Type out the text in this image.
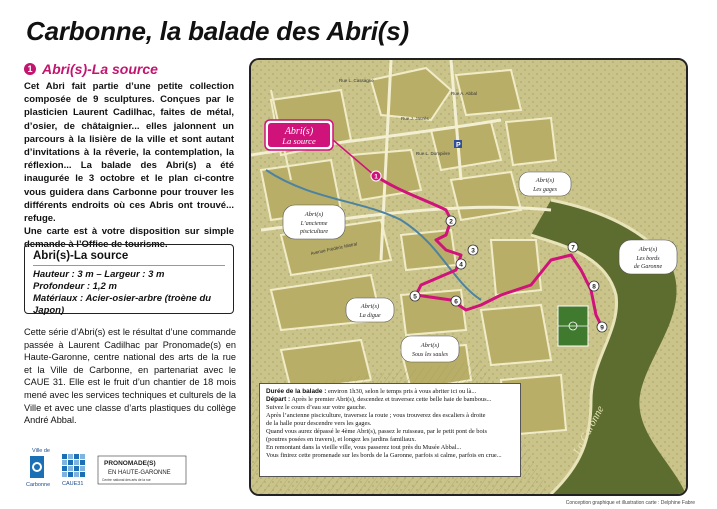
Carbonne, la balade des Abri(s)
1 Abri(s)-La source

Cet Abri fait partie d’une petite collection composée de 9 sculptures. Conçues par le plasticien Laurent Cadilhac, faites de métal, d’osier, de châtaignier... elles jalonnent un parcours à la lisière de la ville et sont autant d’invitations à la rêverie, la contemplation, la réflexion... La balade des Abri(s) a été inaugurée le 3 octobre et le plan ci-contre vous guidera dans Carbonne pour trouver les différents endroits où ces Abris ont trouvé... refuge.

Une carte est à votre disposition sur simple demande à l’Office de tourisme.

Abri(s)-La source
Hauteur : 3 m – Largeur : 3 m
Profondeur : 1,2 m
Matériaux : Acier-osier-arbre (troène du Japon)
Cette série d’Abri(s) est le résultat d’une commande passée à Laurent Cadilhac par Pronomade(s) en Haute-Garonne, centre national des arts de la rue et la Ville de Carbonne, en partenariat avec le CAUE 31. Elle est le fruit d’un chantier de 18 mois mené avec les services techniques et culturels de la Ville et avec une classe d’arts plastiques du collège André Abbal.
Ville de
Carbonne CAUE31
PRONOMADE(S)
EN HAUTE-GARONNE
Centre national des arts de la rue
Rue L. Cassagne
Rue J. Jaurès
Rue L. Dompière
Avenue Frédéric Mistral
Rue A. Abbal
P
Abri(s)
La source
Abri(s)
Les gages
Abri(s)
L’ancienne
pisciculture
Abri(s)
Les bords
de Garonne
Abri(s)
La digue
Abri(s)
Sous les saules
1
2
3
4
5
6
7
8
9
La Garonne
Durée de la balade : environ 1h30, selon le temps pris à vous abriter ici ou là...
Départ : Après le premier Abri(s), descendez et traversez cette belle haie de bambous...
Suivez le cours d’eau sur votre gauche.
Après l’ancienne pisciculture, traversez la route ; vous trouverez des escaliers à droite
de la halle pour descendre vers les gages.
Quand vous aurez dépassé le 4ème Abri(s), passez le ruisseau, par le petit pont de bois
(poutres posées en travers), et longez les jardins familiaux.
En remontant dans la vieille ville, vous passerez tout près du Musée Abbal...
Vous finirez cette promenade sur les bords de la Garonne, parfois si calme, parfois en crue...
Conception graphique et illustration carte : Delphine Fabre
